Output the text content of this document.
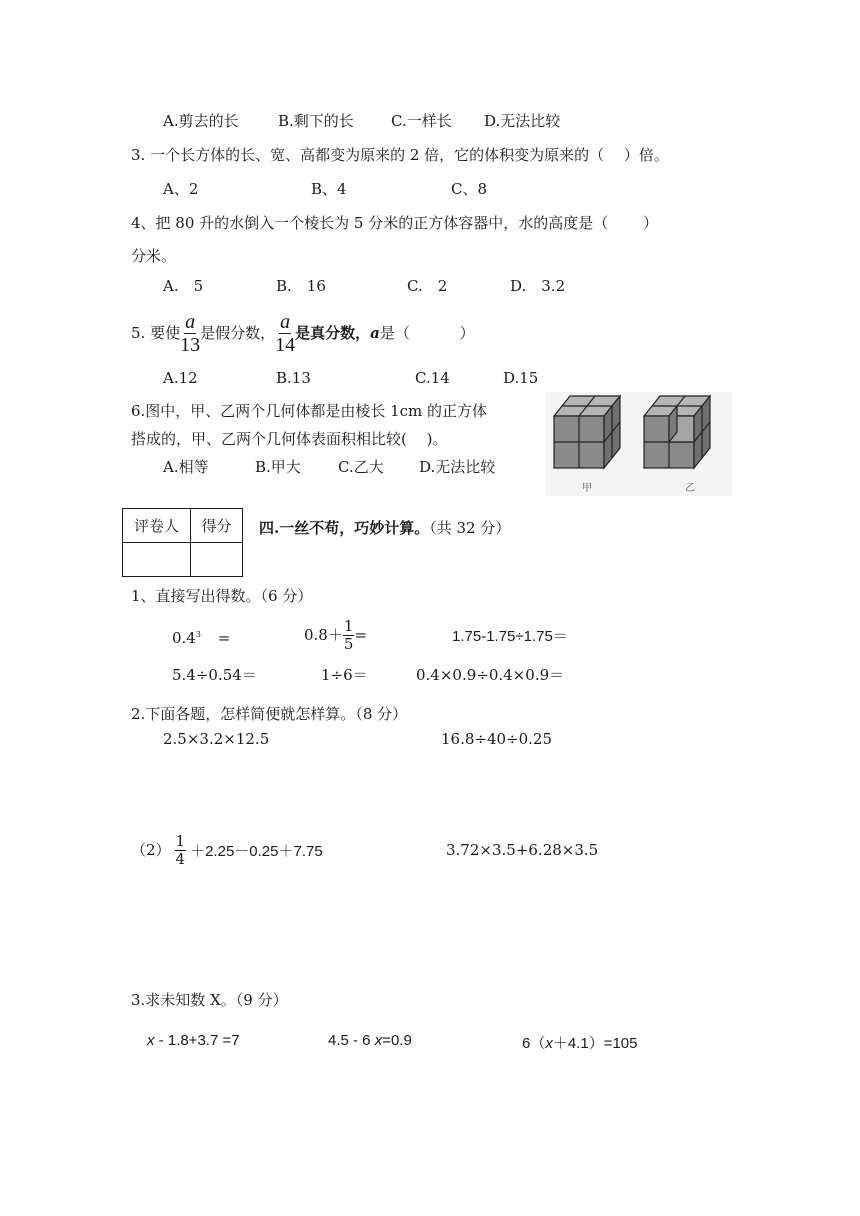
A.剪去的长	B.剩下的长 C.一样长 D.无法比较
3. 一个长方体的长、宽、高都变为原来的 2 倍，它的体积变为原来的（　 ）倍。
A、2	B、4	C、8
4、把 80 升的水倒入一个棱长为 5 分米的正方体容器中，水的高度是（　　 ）
分米。
A.　5	B.　16	C.　2	D.　3.2
5. 要使 $\frac{a}{13}$ 是假分数， $\frac{a}{14}$ 是真分数， a 是（　　　 ）
A.12	B.13	C.14	D.15
6.图中，甲、乙两个几何体都是由棱长 1cm 的正方体
搭成的，甲、乙两个几何体表面积相比较(　 )。
A.相等	B.甲大 C.乙大 D.无法比较
甲	乙
评卷人	得分
	四.一丝不苟，巧妙计算。（共 32 分）
1、直接写出得数。（6 分）
$0.4^3$ =	$0.8+ \frac{1}{5}$ =	1.75-1.75÷1.75＝
5.4÷0.54＝	1÷6＝	0.4×0.9÷0.4×0.9＝
2.下面各题，怎样简便就怎样算。（8 分）
2.5×3.2×12.5	16.8÷40÷0.25
$(2) \frac{1}{4} +2.25-0.25+7.75$	3.72×3.5+6.28×3.5
3.求未知数 X。（9 分）
x - 1.8+3.7 =7	4.5 - 6 x=0.9	6（x＋4.1）=105
